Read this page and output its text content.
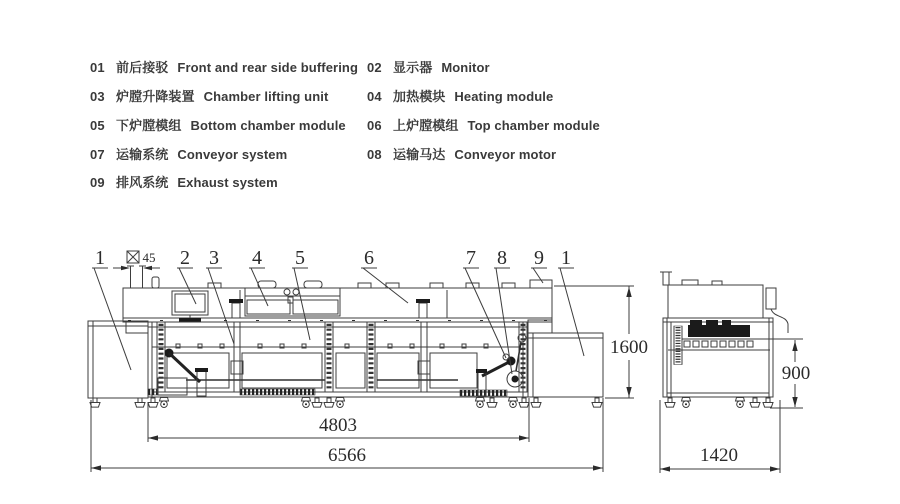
01 前后接驳 Front and rear side buffering 02 显示器 Monitor
03 炉膛升降装置 Chamber lifting unit	04 加热模块 Heating module
05 下炉膛模组 Bottom chamber module 06 上炉膛模组 Top chamber module
07 运输系统 Conveyor system	08 运输马达 Conveyor motor
09 排风系统 Exhaust system
45
1	2 3 4 5	6	7 8 9 1
1600
4803
6566
900
1420
